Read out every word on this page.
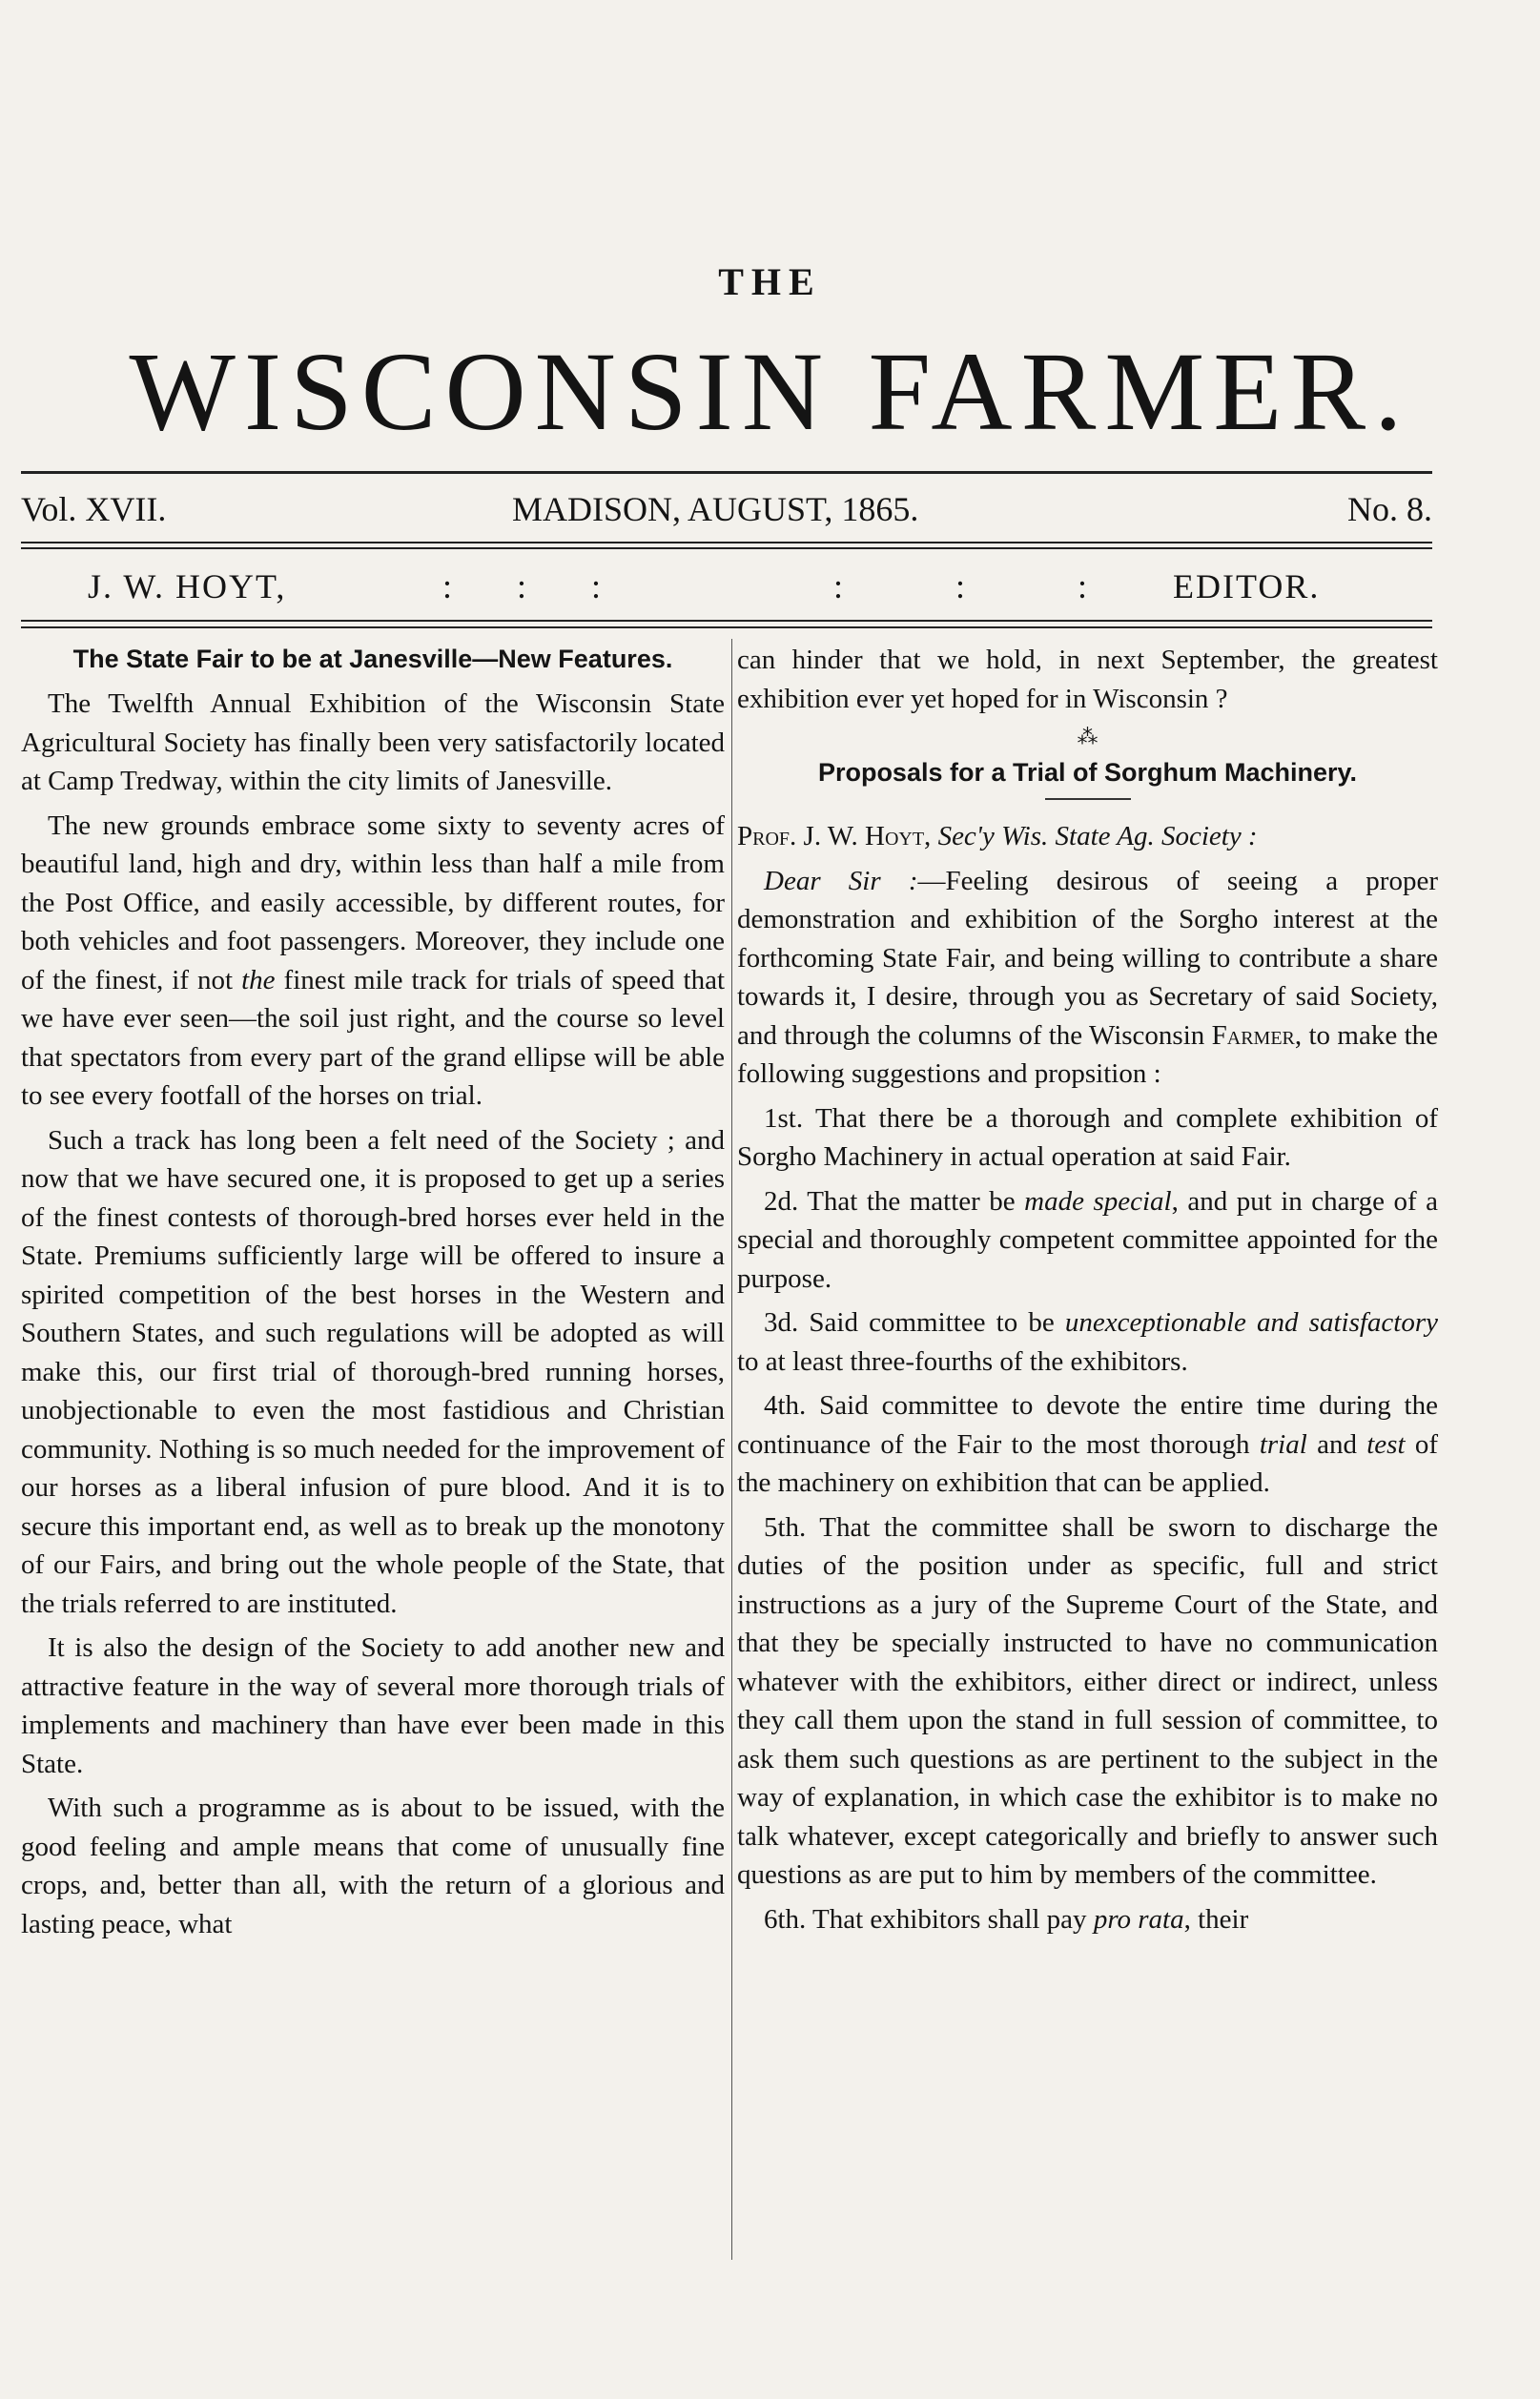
THE
WISCONSIN FARMER.
Vol. XVII.	MADISON, AUGUST, 1865.	No. 8.
J. W. HOYT,	: : :	:	:	: EDITOR.
The State Fair to be at Janesville—New Features.

The Twelfth Annual Exhibition of the Wisconsin State Agricultural Society has finally been very satisfactorily located at Camp Tredway, within the city limits of Janesville.

The new grounds embrace some sixty to seventy acres of beautiful land, high and dry, within less than half a mile from the Post Office, and easily accessible, by different routes, for both vehicles and foot passengers. Moreover, they include one of the finest, if not the finest mile track for trials of speed that we have ever seen—the soil just right, and the course so level that spectators from every part of the grand ellipse will be able to see every footfall of the horses on trial.

Such a track has long been a felt need of the Society ; and now that we have secured one, it is proposed to get up a series of the finest contests of thorough-bred horses ever held in the State. Premiums sufficiently large will be offered to insure a spirited competition of the best horses in the Western and Southern States, and such regulations will be adopted as will make this, our first trial of thorough-bred running horses, unobjectionable to even the most fastidious and Christian community. Nothing is so much needed for the improvement of our horses as a liberal infusion of pure blood. And it is to secure this important end, as well as to break up the monotony of our Fairs, and bring out the whole people of the State, that the trials referred to are instituted.

It is also the design of the Society to add another new and attractive feature in the way of several more thorough trials of implements and machinery than have ever been made in this State.

With such a programme as is about to be issued, with the good feeling and ample means that come of unusually fine crops, and, better than all, with the return of a glorious and lasting peace, what

can hinder that we hold, in next September, the greatest exhibition ever yet hoped for in Wisconsin ?

⁂
Proposals for a Trial of Sorghum Machinery.

Prof. J. W. Hoyt, Sec'y Wis. State Ag. Society :

Dear Sir :—Feeling desirous of seeing a proper demonstration and exhibition of the Sorgho interest at the forthcoming State Fair, and being willing to contribute a share towards it, I desire, through you as Secretary of said Society, and through the columns of the Wisconsin Farmer, to make the following suggestions and propsition :

1st. That there be a thorough and complete exhibition of Sorgho Machinery in actual operation at said Fair.

2d. That the matter be made special, and put in charge of a special and thoroughly competent committee appointed for the purpose.

3d. Said committee to be unexceptionable and satisfactory to at least three-fourths of the exhibitors.

4th. Said committee to devote the entire time during the continuance of the Fair to the most thorough trial and test of the machinery on exhibition that can be applied.

5th. That the committee shall be sworn to discharge the duties of the position under as specific, full and strict instructions as a jury of the Supreme Court of the State, and that they be specially instructed to have no communication whatever with the exhibitors, either direct or indirect, unless they call them upon the stand in full session of committee, to ask them such questions as are pertinent to the subject in the way of explanation, in which case the exhibitor is to make no talk whatever, except categorically and briefly to answer such questions as are put to him by members of the committee.

6th. That exhibitors shall pay pro rata, their
